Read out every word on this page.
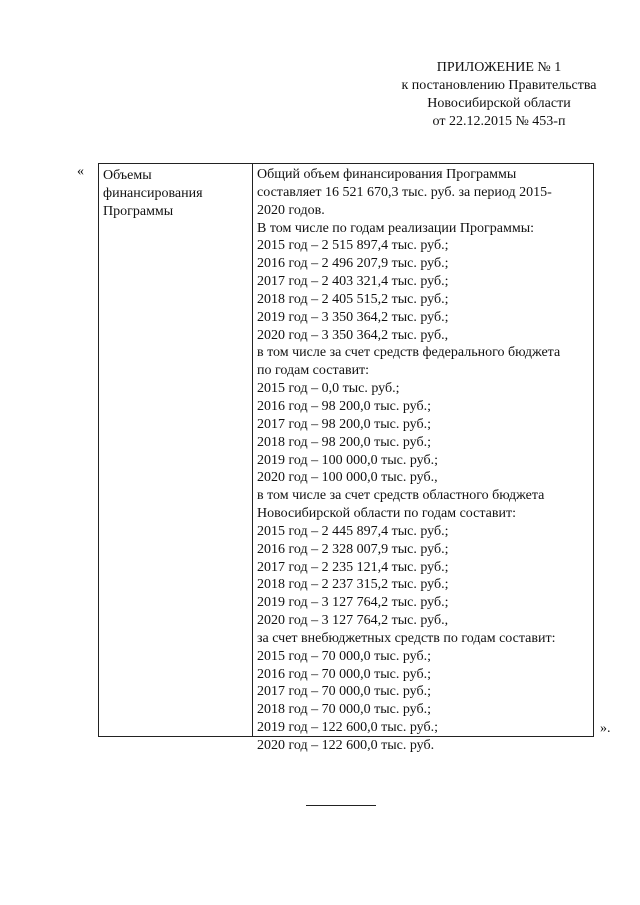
ПРИЛОЖЕНИЕ № 1
к постановлению Правительства
Новосибирской области
от 22.12.2015 № 453-п
« Объемы
финансирования
Программы
Общий объем финансирования Программы
составляет 16 521 670,3 тыс. руб. за период 2015-
2020 годов.
В том числе по годам реализации Программы:
2015 год – 2 515 897,4 тыс. руб.;
2016 год – 2 496 207,9 тыс. руб.;
2017 год – 2 403 321,4 тыс. руб.;
2018 год – 2 405 515,2 тыс. руб.;
2019 год – 3 350 364,2 тыс. руб.;
2020 год – 3 350 364,2 тыс. руб.,
в том числе за счет средств федерального бюджета
по годам составит:
2015 год – 0,0 тыс. руб.;
2016 год – 98 200,0 тыс. руб.;
2017 год – 98 200,0 тыс. руб.;
2018 год – 98 200,0 тыс. руб.;
2019 год – 100 000,0 тыс. руб.;
2020 год – 100 000,0 тыс. руб.,
в том числе за счет средств областного бюджета
Новосибирской области по годам составит:
2015 год – 2 445 897,4 тыс. руб.;
2016 год – 2 328 007,9 тыс. руб.;
2017 год – 2 235 121,4 тыс. руб.;
2018 год – 2 237 315,2 тыс. руб.;
2019 год – 3 127 764,2 тыс. руб.;
2020 год – 3 127 764,2 тыс. руб.,
за счет внебюджетных средств по годам составит:
2015 год – 70 000,0 тыс. руб.;
2016 год – 70 000,0 тыс. руб.;
2017 год – 70 000,0 тыс. руб.;
2018 год – 70 000,0 тыс. руб.;
2019 год – 122 600,0 тыс. руб.;
2020 год – 122 600,0 тыс. руб.
».
